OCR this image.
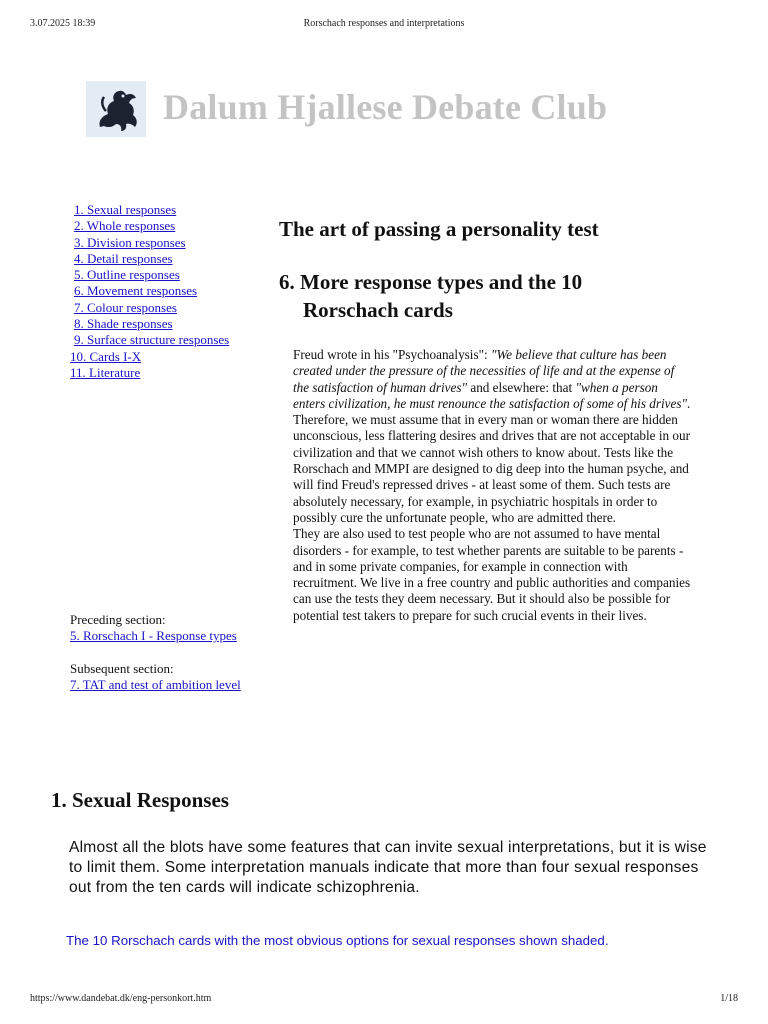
3.07.2025 18:39	Rorschach responses and interpretations
Dalum Hjallese Debate Club
1. Sexual responses
2. Whole responses
3. Division responses
4. Detail responses
5. Outline responses
6. Movement responses
7. Colour responses
8. Shade responses
9. Surface structure responses
10. Cards I-X
11. Literature
Preceding section:
5. Rorschach I - Response types
Subsequent section:
7. TAT and test of ambition level
The art of passing a personality test
6. More response types and the 10
Rorschach cards

Freud wrote in his "Psychoanalysis": "We believe that culture has been created under the pressure of the necessities of life and at the expense of the satisfaction of human drives" and elsewhere: that "when a person enters civilization, he must renounce the satisfaction of some of his drives". Therefore, we must assume that in every man or woman there are hidden unconscious, less flattering desires and drives that are not acceptable in our civilization and that we cannot wish others to know about. Tests like the Rorschach and MMPI are designed to dig deep into the human psyche, and will find Freud's repressed drives - at least some of them. Such tests are absolutely necessary, for example, in psychiatric hospitals in order to possibly cure the unfortunate people, who are admitted there.

They are also used to test people who are not assumed to have mental disorders - for example, to test whether parents are suitable to be parents - and in some private companies, for example in connection with recruitment. We live in a free country and public authorities and companies can use the tests they deem necessary. But it should also be possible for potential test takers to prepare for such crucial events in their lives.

1. Sexual Responses

Almost all the blots have some features that can invite sexual interpretations, but it is wise to limit them. Some interpretation manuals indicate that more than four sexual responses out from the ten cards will indicate schizophrenia.

The 10 Rorschach cards with the most obvious options for sexual responses shown shaded.
https://www.dandebat.dk/eng-personkort.htm	1/18
